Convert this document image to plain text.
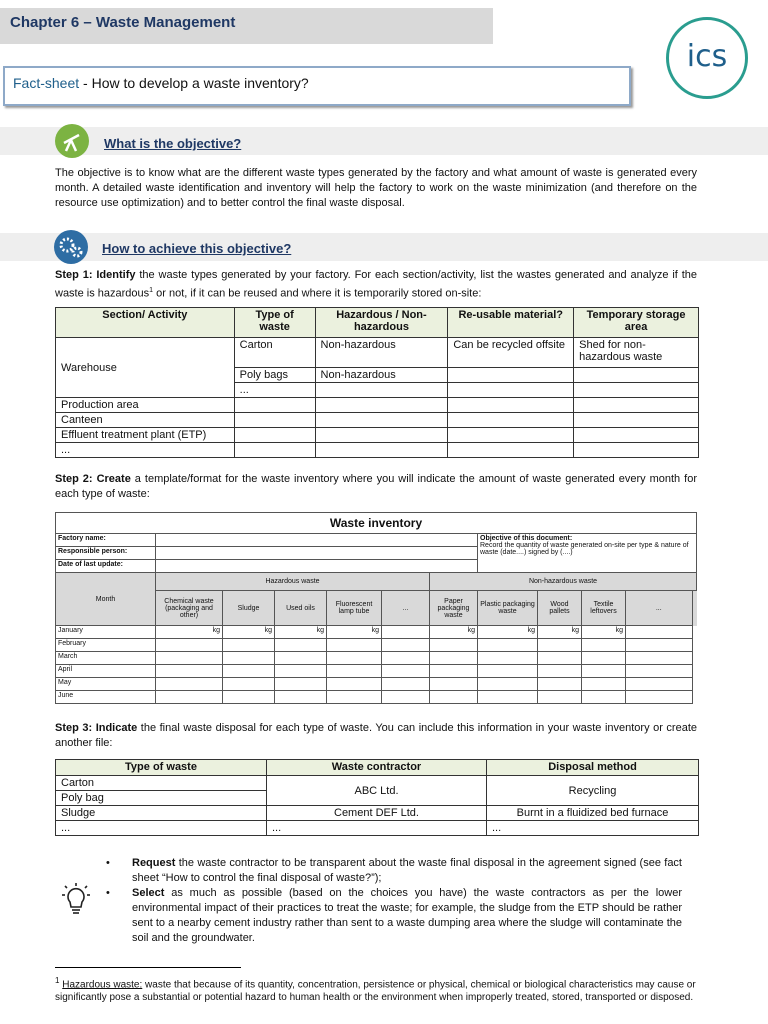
Chapter 6 – Waste Management
ics
Fact-sheet - How to develop a waste inventory?
What is the objective?
The objective is to know what are the different waste types generated by the factory and what amount of waste is generated every month. A detailed waste identification and inventory will help the factory to work on the waste minimization (and therefore on the resource use optimization) and to better control the final waste disposal.
How to achieve this objective?
Step 1: Identify the waste types generated by your factory. For each section/activity, list the wastes generated and analyze if the waste is hazardous$^1$ or not, if it can be reused and where it is temporarily stored on-site:
Section/ Activity	Type of waste	Hazardous / Non-hazardous	Re-usable material?	Temporary storage area
Warehouse	Carton	Non-hazardous	Can be recycled offsite	Shed for non-hazardous waste
	Poly bags	Non-hazardous		
	...			
Production area				
Canteen				
Effluent treatment plant (ETP)				
...				
Step 2: Create a template/format for the waste inventory where you will indicate the amount of waste generated every month for each type of waste:
Waste inventory											
Factory name:							Objective of this document:
Record the quantity of waste generated on-site per type & nature of waste (date....) signed by (....)				
Responsible person:											
Date of last update:											
Month	Hazardous waste					Non-hazardous waste					
	Chemical waste (packaging and other)	Sludge	Used oils	Fluorescent lamp tube	...	Paper packaging waste	Plastic packaging waste	Wood pallets	Textile leftovers	...	
January	kg	kg	kg	kg		kg	kg	kg	kg		
February											
March											
April											
May											
June											
Step 3: Indicate the final waste disposal for each type of waste. You can include this information in your waste inventory or create another file:
Type of waste	Waste contractor	Disposal method
Carton	ABC Ltd.	Recycling
Poly bag		
Sludge	Cement DEF Ltd.	Burnt in a fluidized bed furnace
...	...	...
• Request the waste contractor to be transparent about the waste final disposal in the agreement signed (see fact sheet “How to control the final disposal of waste?”);
• Select as much as possible (based on the choices you have) the waste contractors as per the lower environmental impact of their practices to treat the waste; for example, the sludge from the ETP should be rather sent to a nearby cement industry rather than sent to a waste dumping area where the sludge will contaminate the soil and the groundwater.
$^1$ Hazardous waste: waste that because of its quantity, concentration, persistence or physical, chemical or biological characteristics may cause or significantly pose a substantial or potential hazard to human health or the environment when improperly treated, stored, transported or disposed.
